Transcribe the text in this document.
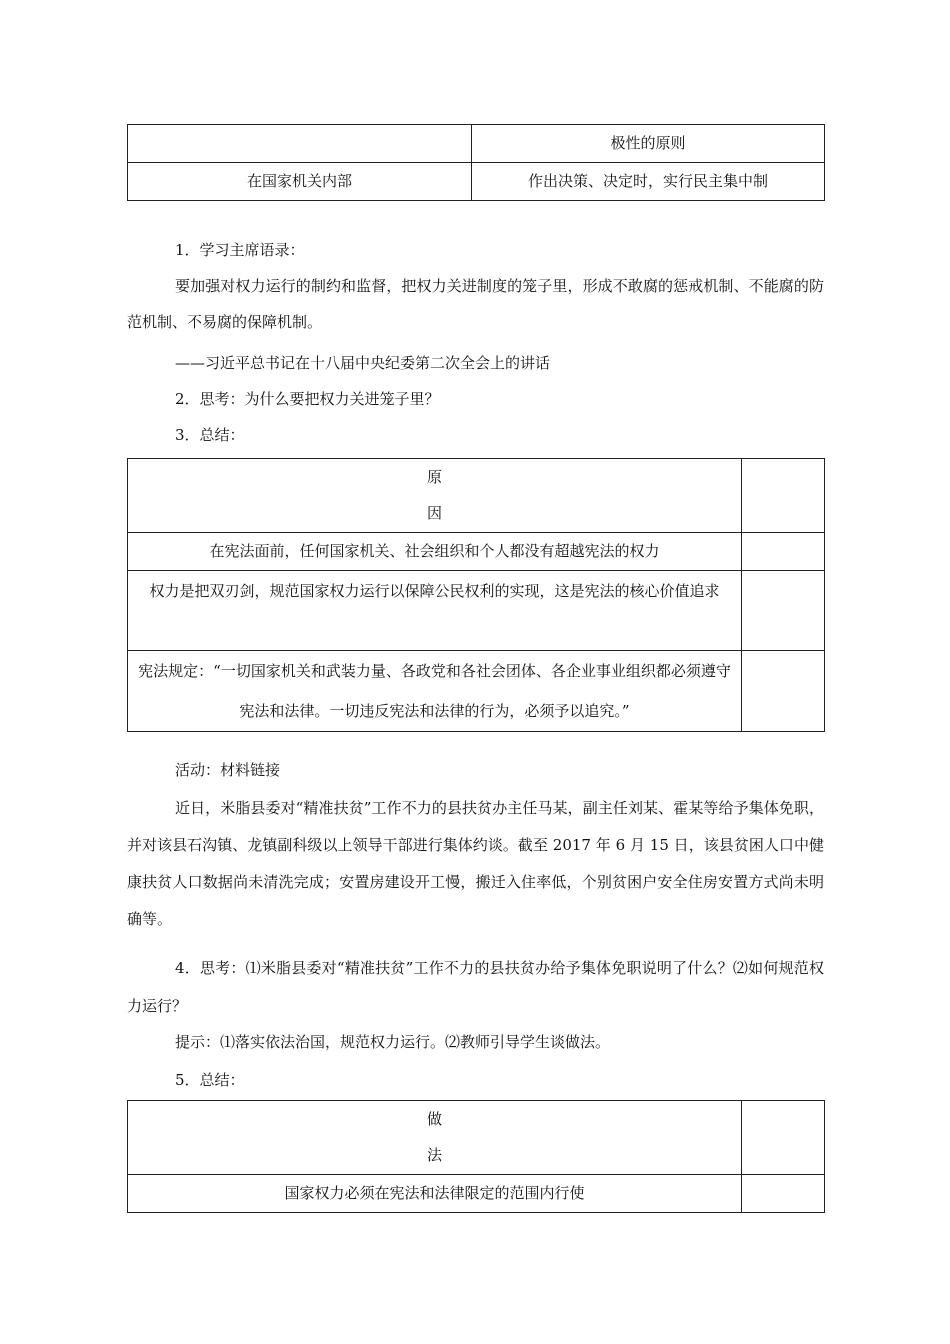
	极性的原则
在国家机关内部	作出决策、决定时，实行民主集中制

1．学习主席语录：

要加强对权力运行的制约和监督，把权力关进制度的笼子里，形成不敢腐的惩戒机制、不能腐的防范机制、不易腐的保障机制。

——习近平总书记在十八届中央纪委第二次全会上的讲话

2．思考：为什么要把权力关进笼子里？

3．总结：

原
因	

在宪法面前，任何国家机关、社会组织和个人都没有超越宪法的权力	
权力是把双刃剑，规范国家权力运行以保障公民权利的实现，这是宪法的核心价值追求	
宪法规定：“一切国家机关和武装力量、各政党和各社会团体、各企业事业组织都必须遵守宪法和法律。一切违反宪法和法律的行为，必须予以追究。”	

活动：材料链接

近日，米脂县委对“精准扶贫”工作不力的县扶贫办主任马某，副主任刘某、霍某等给予集体免职，并对该县石沟镇、龙镇副科级以上领导干部进行集体约谈。截至 2017 年 6 月 15 日，该县贫困人口中健康扶贫人口数据尚未清洗完成；安置房建设开工慢，搬迁入住率低，个别贫困户安全住房安置方式尚未明确等。

4．思考：⑴米脂县委对“精准扶贫”工作不力的县扶贫办给予集体免职说明了什么？⑵如何规范权力运行？

提示：⑴落实依法治国，规范权力运行。⑵教师引导学生谈做法。

5．总结：

做
法	

国家权力必须在宪法和法律限定的范围内行使	
